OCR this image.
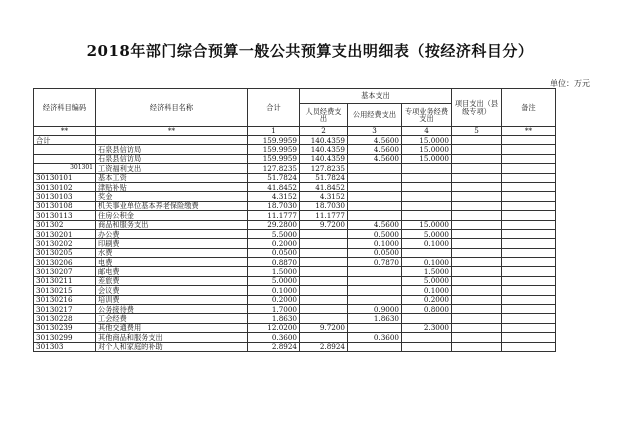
2018年部门综合预算一般公共预算支出明细表（按经济科目分）
单位：万元
经济科目编码	经济科目名称	合计	基本支出			项目支出（县级专项）	备注
			人员经费支出	公用经费支出	专项业务经费支出		
**	**	1	2	3	4	5	**
合计		159.9959	140.4359	4.5600	15.0000		
	石泉县信访局	159.9959	140.4359	4.5600	15.0000		
	石泉县信访局	159.9959	140.4359	4.5600	15.0000		
301301	工资福利支出	127.8235	127.8235				
30130101	基本工资	51.7824	51.7824				
30130102	津贴补贴	41.8452	41.8452				
30130103	奖金	4.3152	4.3152				
30130108	机关事业单位基本养老保险缴费	18.7030	18.7030				
30130113	住房公积金	11.1777	11.1777				
301302	商品和服务支出	29.2800	9.7200	4.5600	15.0000		
30130201	办公费	5.5000		0.5000	5.0000		
30130202	印刷费	0.2000		0.1000	0.1000		
30130205	水费	0.0500		0.0500			
30130206	电费	0.8870		0.7870	0.1000		
30130207	邮电费	1.5000			1.5000		
30130211	差旅费	5.0000			5.0000		
30130215	会议费	0.1000			0.1000		
30130216	培训费	0.2000			0.2000		
30130217	公务接待费	1.7000		0.9000	0.8000		
30130228	工会经费	1.8630		1.8630			
30130239	其他交通费用	12.0200	9.7200		2.3000		
30130299	其他商品和服务支出	0.3600		0.3600			
301303	对个人和家庭的补助	2.8924	2.8924				
